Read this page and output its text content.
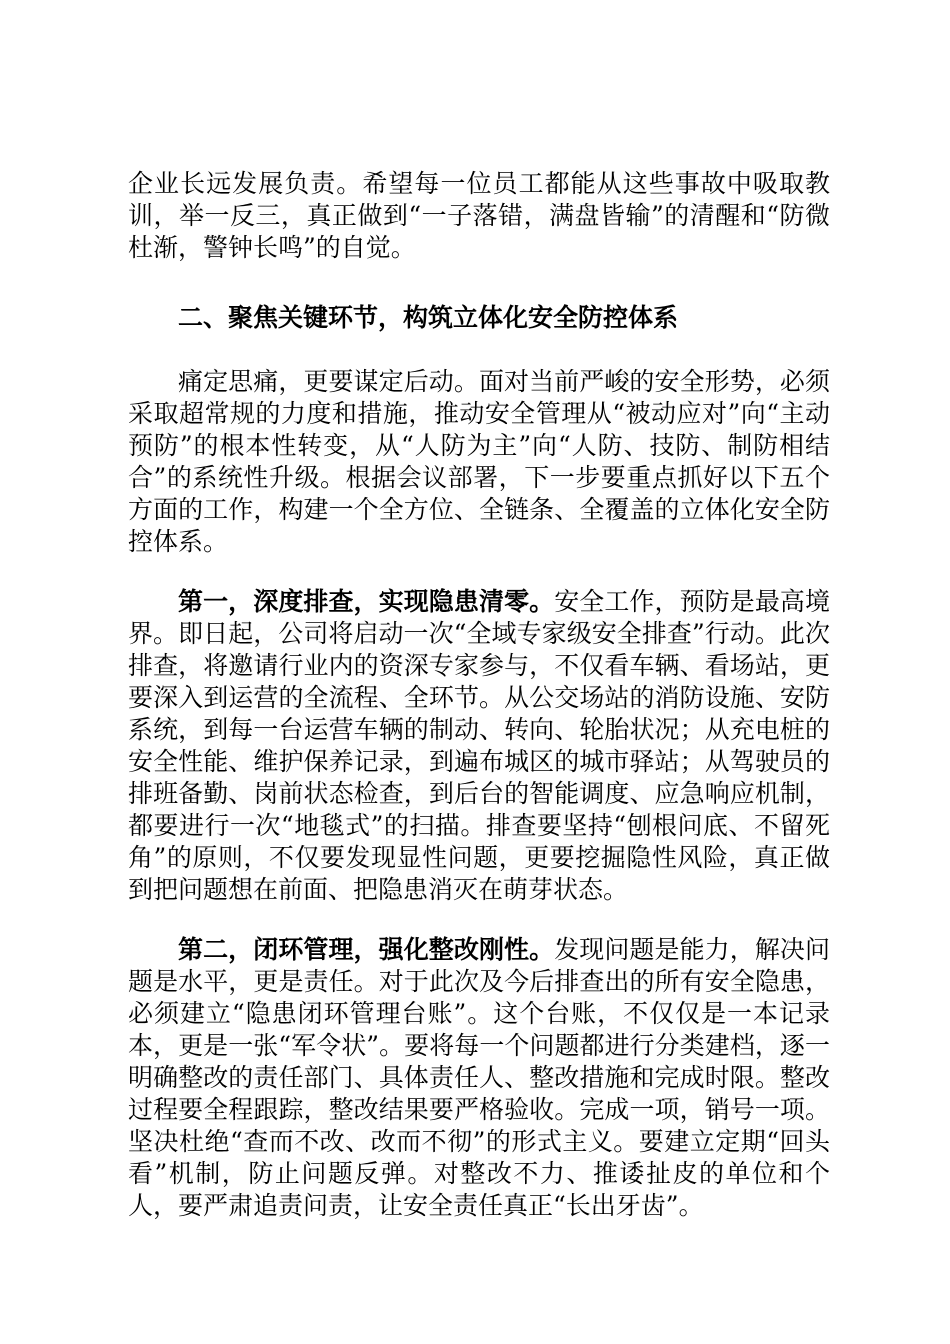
企业长远发展负责。希望每一位员工都能从这些事故中吸取教训，举一反三，真正做到“一子落错，满盘皆输”的清醒和“防微杜渐，警钟长鸣”的自觉。

二、聚焦关键环节，构筑立体化安全防控体系

痛定思痛，更要谋定后动。面对当前严峻的安全形势，必须采取超常规的力度和措施，推动安全管理从“被动应对”向“主动预防”的根本性转变，从“人防为主”向“人防、技防、制防相结合”的系统性升级。根据会议部署，下一步要重点抓好以下五个方面的工作，构建一个全方位、全链条、全覆盖的立体化安全防控体系。

第一，深度排查，实现隐患清零。安全工作，预防是最高境界。即日起，公司将启动一次“全域专家级安全排查”行动。此次排查，将邀请行业内的资深专家参与，不仅看车辆、看场站，更要深入到运营的全流程、全环节。从公交场站的消防设施、安防系统，到每一台运营车辆的制动、转向、轮胎状况；从充电桩的安全性能、维护保养记录，到遍布城区的城市驿站；从驾驶员的排班备勤、岗前状态检查，到后台的智能调度、应急响应机制，都要进行一次“地毯式”的扫描。排查要坚持“刨根问底、不留死角”的原则，不仅要发现显性问题，更要挖掘隐性风险，真正做到把问题想在前面、把隐患消灭在萌芽状态。

第二，闭环管理，强化整改刚性。发现问题是能力，解决问题是水平，更是责任。对于此次及今后排查出的所有安全隐患，必须建立“隐患闭环管理台账”。这个台账，不仅仅是一本记录本，更是一张“军令状”。要将每一个问题都进行分类建档，逐一明确整改的责任部门、具体责任人、整改措施和完成时限。整改过程要全程跟踪，整改结果要严格验收。完成一项，销号一项。坚决杜绝“查而不改、改而不彻”的形式主义。要建立定期“回头看”机制，防止问题反弹。对整改不力、推诿扯皮的单位和个人，要严肃追责问责，让安全责任真正“长出牙齿”。
